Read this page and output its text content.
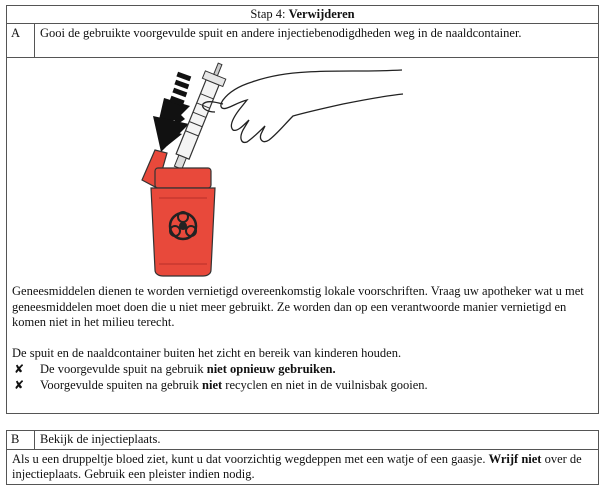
Stap 4: Verwijderen
A	Gooi de gebruikte voorgevulde spuit en andere injectiebenodigdheden weg in de naaldcontainer.

Geneesmiddelen dienen te worden vernietigd overeenkomstig lokale voorschriften. Vraag uw apotheker wat u met geneesmiddelen moet doen die u niet meer gebruikt. Ze worden dan op een verantwoorde manier vernietigd en komen niet in het milieu terecht.

De spuit en de naaldcontainer buiten het zicht en bereik van kinderen houden.

✘	De voorgevulde spuit na gebruik niet opnieuw gebruiken.
✘	Voorgevulde spuiten na gebruik niet recyclen en niet in de vuilnisbak gooien.
B	Bekijk de injectieplaats.
Als u een druppeltje bloed ziet, kunt u dat voorzichtig wegdeppen met een watje of een gaasje. Wrijf niet over de injectieplaats. Gebruik een pleister indien nodig.
